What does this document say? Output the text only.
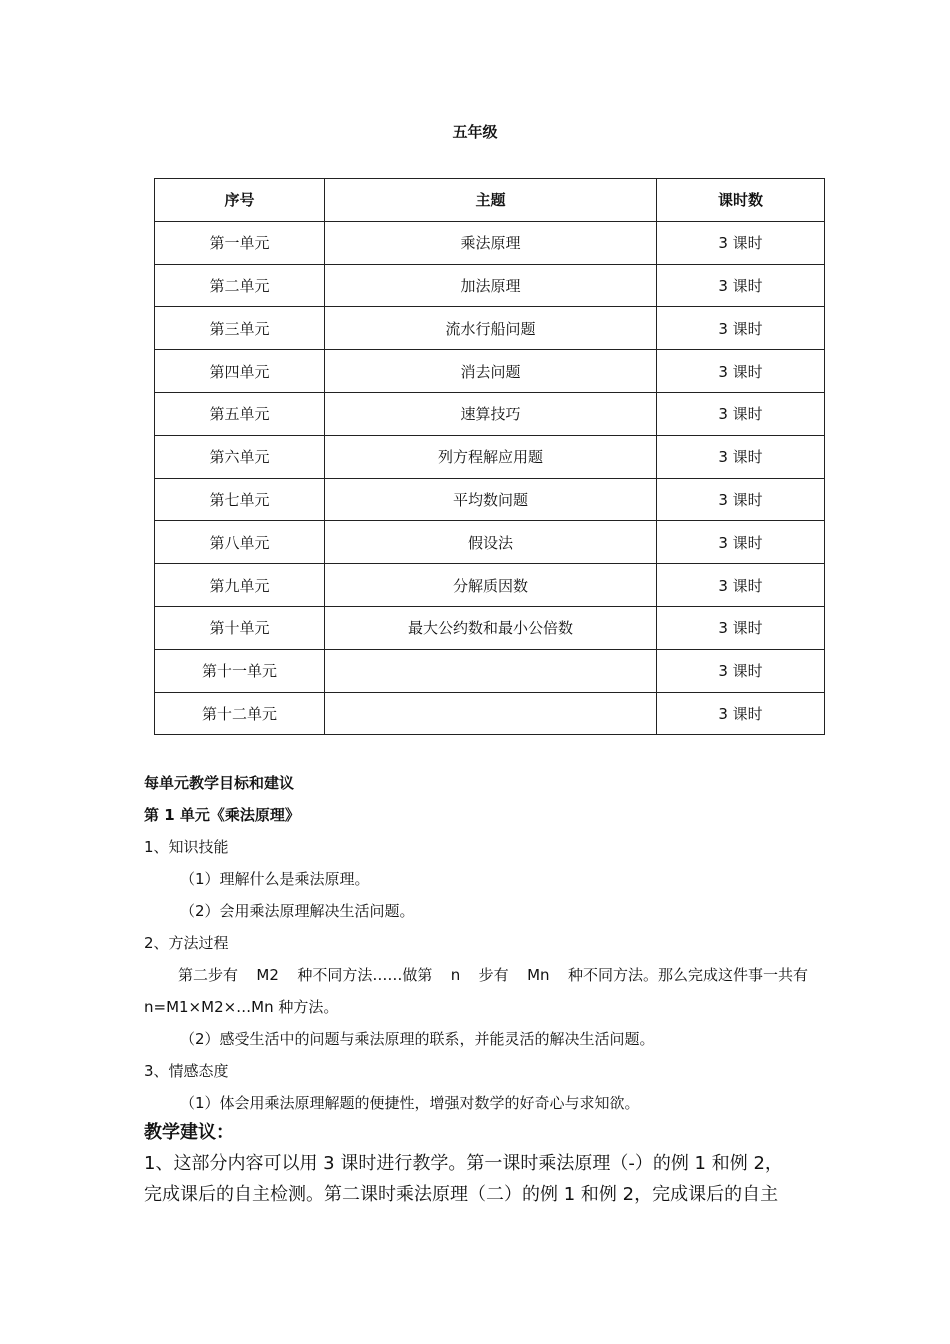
五年级
序号	主题	课时数
第一单元	乘法原理	3 课时
第二单元	加法原理	3 课时
第三单元	流水行船问题	3 课时
第四单元	消去问题	3 课时
第五单元	速算技巧	3 课时
第六单元	列方程解应用题	3 课时
第七单元	平均数问题	3 课时
第八单元	假设法	3 课时
第九单元	分解质因数	3 课时
第十单元	最大公约数和最小公倍数	3 课时
第十一单元		3 课时
第十二单元		3 课时
每单元教学目标和建议
第 1 单元《乘法原理》
1、知识技能
（1）理解什么是乘法原理。
（2）会用乘法原理解决生活问题。
2、方法过程
第二步有 M2 种不同方法……做第 n 步有 Mn 种不同方法。那么完成这件事一共有
n=M1×M2×…Mn 种方法。
（2）感受生活中的问题与乘法原理的联系，并能灵活的解决生活问题。
3、情感态度
（1）体会用乘法原理解题的便捷性，增强对数学的好奇心与求知欲。
教学建议：
1、这部分内容可以用 3 课时进行教学。第一课时乘法原理（-）的例 1 和例 2，
完成课后的自主检测。第二课时乘法原理（二）的例 1 和例 2，完成课后的自主
